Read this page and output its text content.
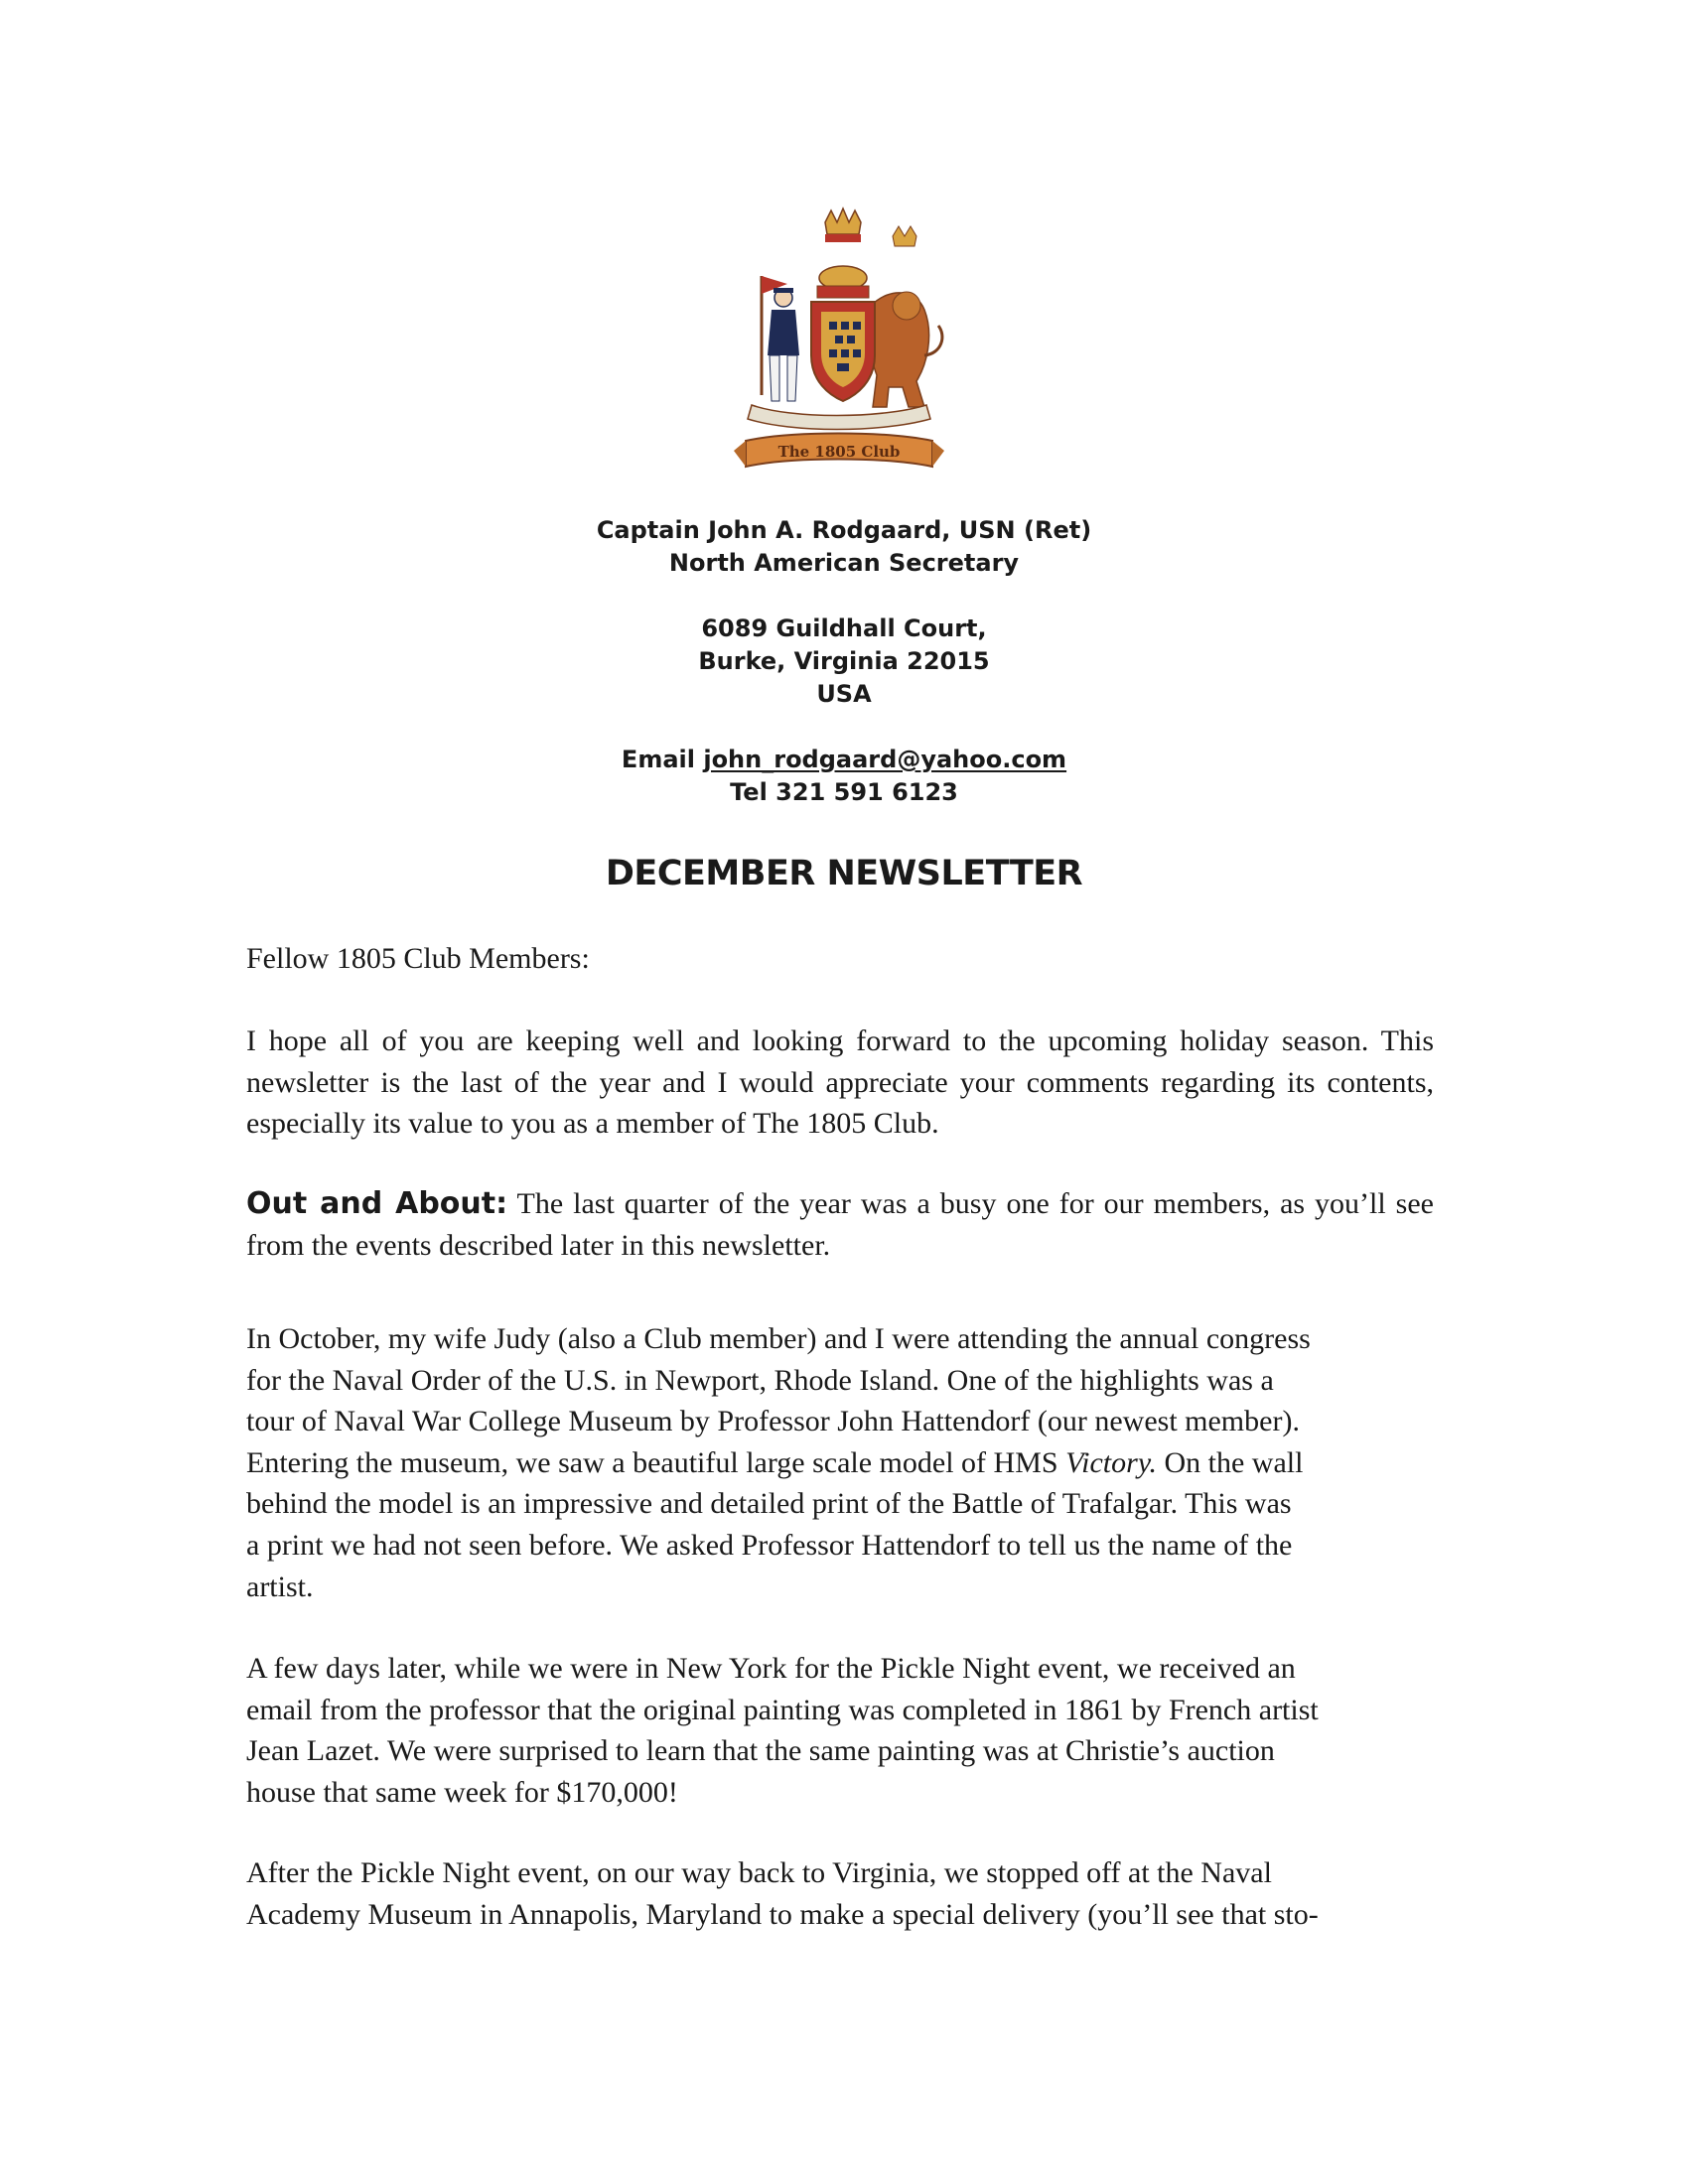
The 1805 Club
Captain John A. Rodgaard, USN (Ret)
North American Secretary
6089 Guildhall Court,
Burke, Virginia 22015
USA
Email john_rodgaard@yahoo.com
Tel 321 591 6123
DECEMBER NEWSLETTER

Fellow 1805 Club Members:

I hope all of you are keeping well and looking forward to the upcoming holiday season. This newsletter is the last of the year and I would appreciate your comments regarding its contents, especially its value to you as a member of The 1805 Club.

Out and About: The last quarter of the year was a busy one for our members, as you’ll see from the events described later in this newsletter.

In October, my wife Judy (also a Club member) and I were attending the annual congress
for the Naval Order of the U.S. in Newport, Rhode Island. One of the highlights was a
tour of Naval War College Museum by Professor John Hattendorf (our newest member).
Entering the museum, we saw a beautiful large scale model of HMS Victory. On the wall
behind the model is an impressive and detailed print of the Battle of Trafalgar. This was
a print we had not seen before. We asked Professor Hattendorf to tell us the name of the
artist.
A few days later, while we were in New York for the Pickle Night event, we received an
email from the professor that the original painting was completed in 1861 by French artist
Jean Lazet. We were surprised to learn that the same painting was at Christie’s auction
house that same week for $170,000!
After the Pickle Night event, on our way back to Virginia, we stopped off at the Naval
Academy Museum in Annapolis, Maryland to make a special delivery (you’ll see that sto-
